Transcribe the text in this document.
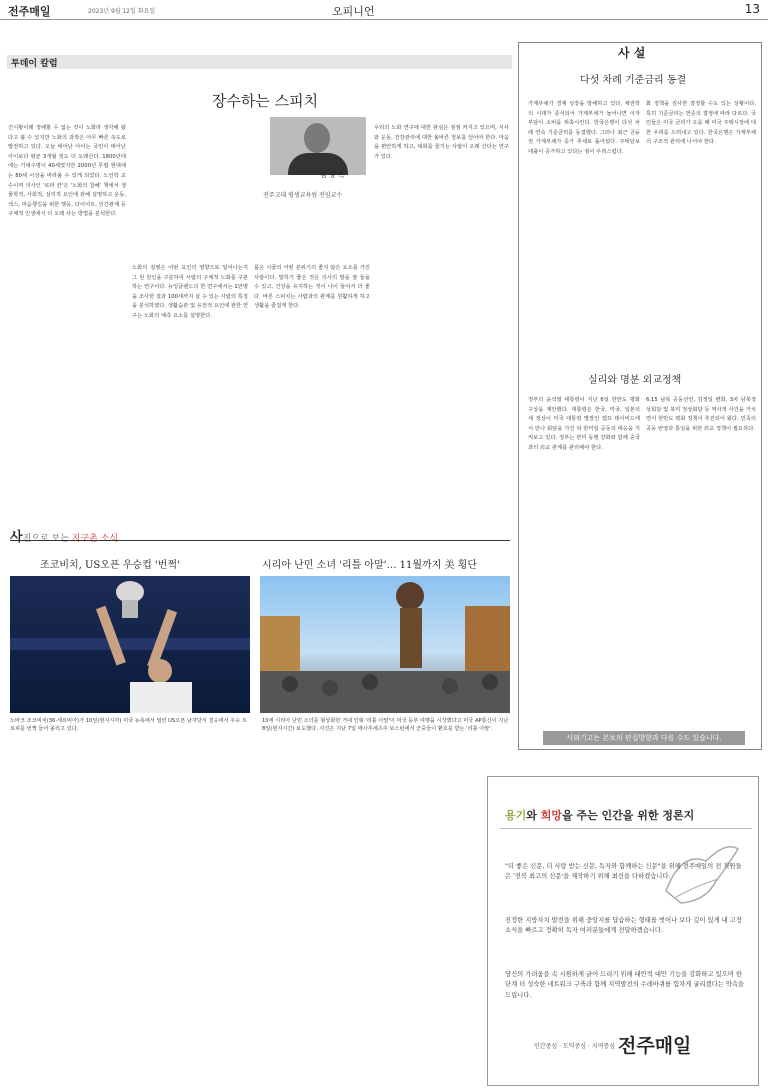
전주매일	2023년 9월 12일 화요일	오피니언	13
투데이 칼럼
장수하는 스피치
김 양 옥
전주고대 평생교육원 전임교수
진시황이래 정해할 수 없는 것이 노화라 생각해 왔다고 볼 수 있지만 노화의 과학은 아무 빠른 속도로 발전하고 있다. 오늘 태어난 아이는 국민이 태어난 아이보다 평균 3개월 정도 더 오래산다. 1800년대에는 기대수명이 40세였지만 2000년 무렵 현대에는 80세 이상을 바라볼 수 있게 되었다. 노인학 교수이며 의사인 '로라 칸'은 '노화의 참혜' 책에서 생물학적, 사회적, 심리적 요인에 관해 설명하고 운동, 섹스, 마음챙김을 위한 행동, 다이어트, 인간관계 등 구체적 인생에서 더 오래 사는 방법을 분석한다.
노화의 질병은 어떤 요인의 영향으로 일어나는지 그 원 원인을 구분하여 사람의 구체적 노화를 구분하는 연구이다. 뉴잉글랜드의 한 연구에서는 1만명을 조사한 결과 100세까지 살 수 있는 사람의 특징을 분석하였다. 생활습관 및 유전적 요인에 관한 연구는 노화의 예측 요소를 설명한다.
몸은 시골의 어떤 분위기의 좋지 않은 요소를 가진 사람이다. 말하기 좋은 것은 의사의 말을 잘 들을 수 있고, 건강을 유지하는 것이 나이 들어서 더 좋다. 바른 스피치는 사람과의 관계를 원활하게 하고 생활을 즐겁게 한다.
우리의 노화 연구에 대한 관심은 점점 커지고 있으며, 식사와 운동, 건강관리에 대한 올바른 정보를 얻어야 한다. 마음을 편안하게 하고, 대화를 즐기는 사람이 오래 산다는 연구가 있다.
사진으로 보는 지구촌 소식
조코비치, US오픈 우승컵 '번쩍'
노바크 조코비치(36·세르비아)가 10일(현지시각) 미국 뉴욕에서 열린 US오픈 남자단식 결승에서 우승 트로피를 번쩍 들어 올리고 있다.
시리아 난민 소녀 '리틀 아말'… 11월까지 美 횡단
10세 시리아 난민 소녀를 형상화한 거대 인형 '리틀 아말'이 미국 동부 여행을 시작했다고 미국 AP통신이 지난 8일(현지시간) 보도했다. 사진은 지난 7일 매사추세츠주 보스턴에서 군중들이 환호를 받는 '리틀 아말'.
사 설
다섯 차례 기준금리 동결
가계부채가 경제 성장을 방해하고 있다. 채권학의 시대가 종식되어 가계부채가 늘어나면 이자 부담이 소비를 위축시킨다. 한국은행이 다섯 차례 연속 기준금리를 동결했다. 그러나 최근 금융권 가계부채가 증가 추세로 돌아섰다. 주택담보대출이 증가하고 있다는 점이 우려스럽다.
화 정책을 검사한 결정할 수도 있는 상황이다. 특히 기준금리는 연준의 결정에 따라 다르다. 국민들은 미국 금리가 오를 때 미국 주택시장에 대한 우려를 드러내고 있다. 한국은행은 가계부채의 구조적 관리에 나서야 한다.
실리와 명분 외교정책
정부의 윤석열 대통령이 지난 6일 한반도 평화 구상을 제안했다. 대통령은 한국, 미국, 일본의 세 정상이 미국 대통령 별장인 캠프 데이비드에서 만나 회담을 가진 뒤 한미일 공동의 대응을 지켜보고 있다. 정부는 한미 동맹 강화와 함께 중국과의 외교 관계를 관리해야 한다.
6.15 남북 공동선언, 김정일 변화, 3차 남북정상회담 및 북미 정상회담 등 역사적 사건을 거치면서 한반도 평화 정책이 추진되어 왔다. 민족의 공동 번영과 통일을 위한 외교 정책이 필요하다.
사외기고는 본보의 편집방향과 다를 수도 있습니다.
용기와 희망을 주는 인간을 위한 정론지
"더 좋은 신문, 더 사랑 받는 신문, 독자와 함께하는 신문"을 위해 전주매일의 전 직원들은 '전북 최고의 신문'을 제작하기 위해 최선을 다하겠습니다.
진정한 지방자치 발전을 위해 중앙지를 답습하는 형태를 벗어나 보다 깊이 있게 내 고장 소식을 빠르고 정확히 독자 여러분들에게 전달하겠습니다.
당신의 가려움을 속 시원하게 긁어 드리기 위해 대안적 대안 기능을 강화하고 있으며 한 단계 더 성숙한 네트워크 구축과 함께 지역발전의 수레바퀴를 힘차게 굴리겠다는 약속을 드립니다.
인간중심 · 도덕중심 · 지역중심 전주매일
